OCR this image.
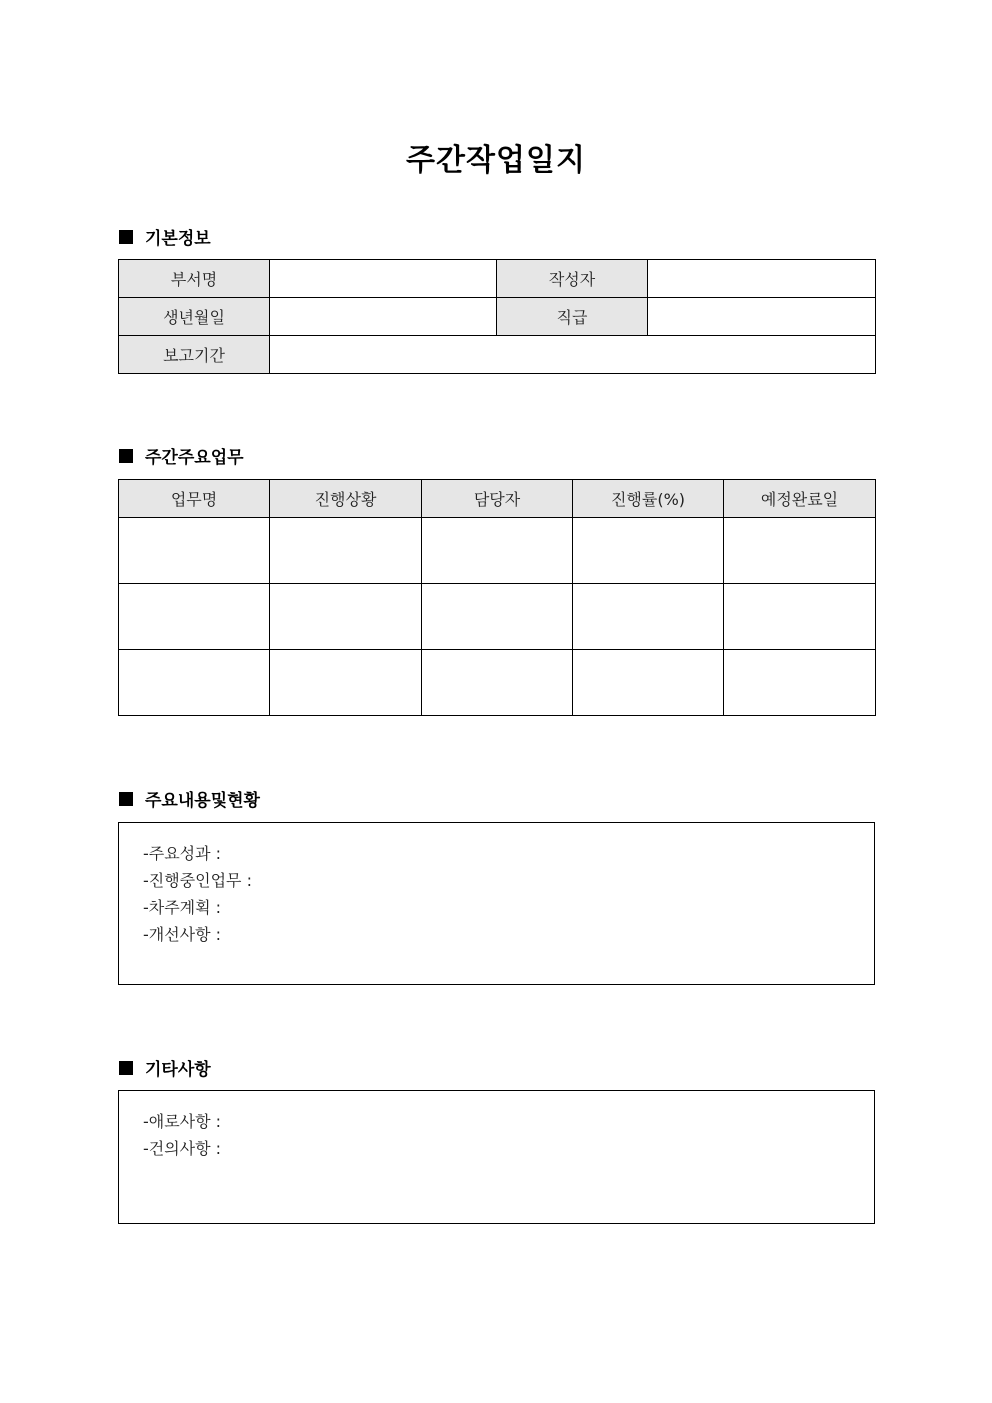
주간작업일지
기본정보
부서명		작성자	
생년월일		직급	
보고기간			
주간주요업무
업무명	진행상황	담당자	진행률(%)	예정완료일

주요내용및현황
-주요성과 :
-진행중인업무 :
-차주계획 :
-개선사항 :
기타사항
-애로사항 :
-건의사항 :
